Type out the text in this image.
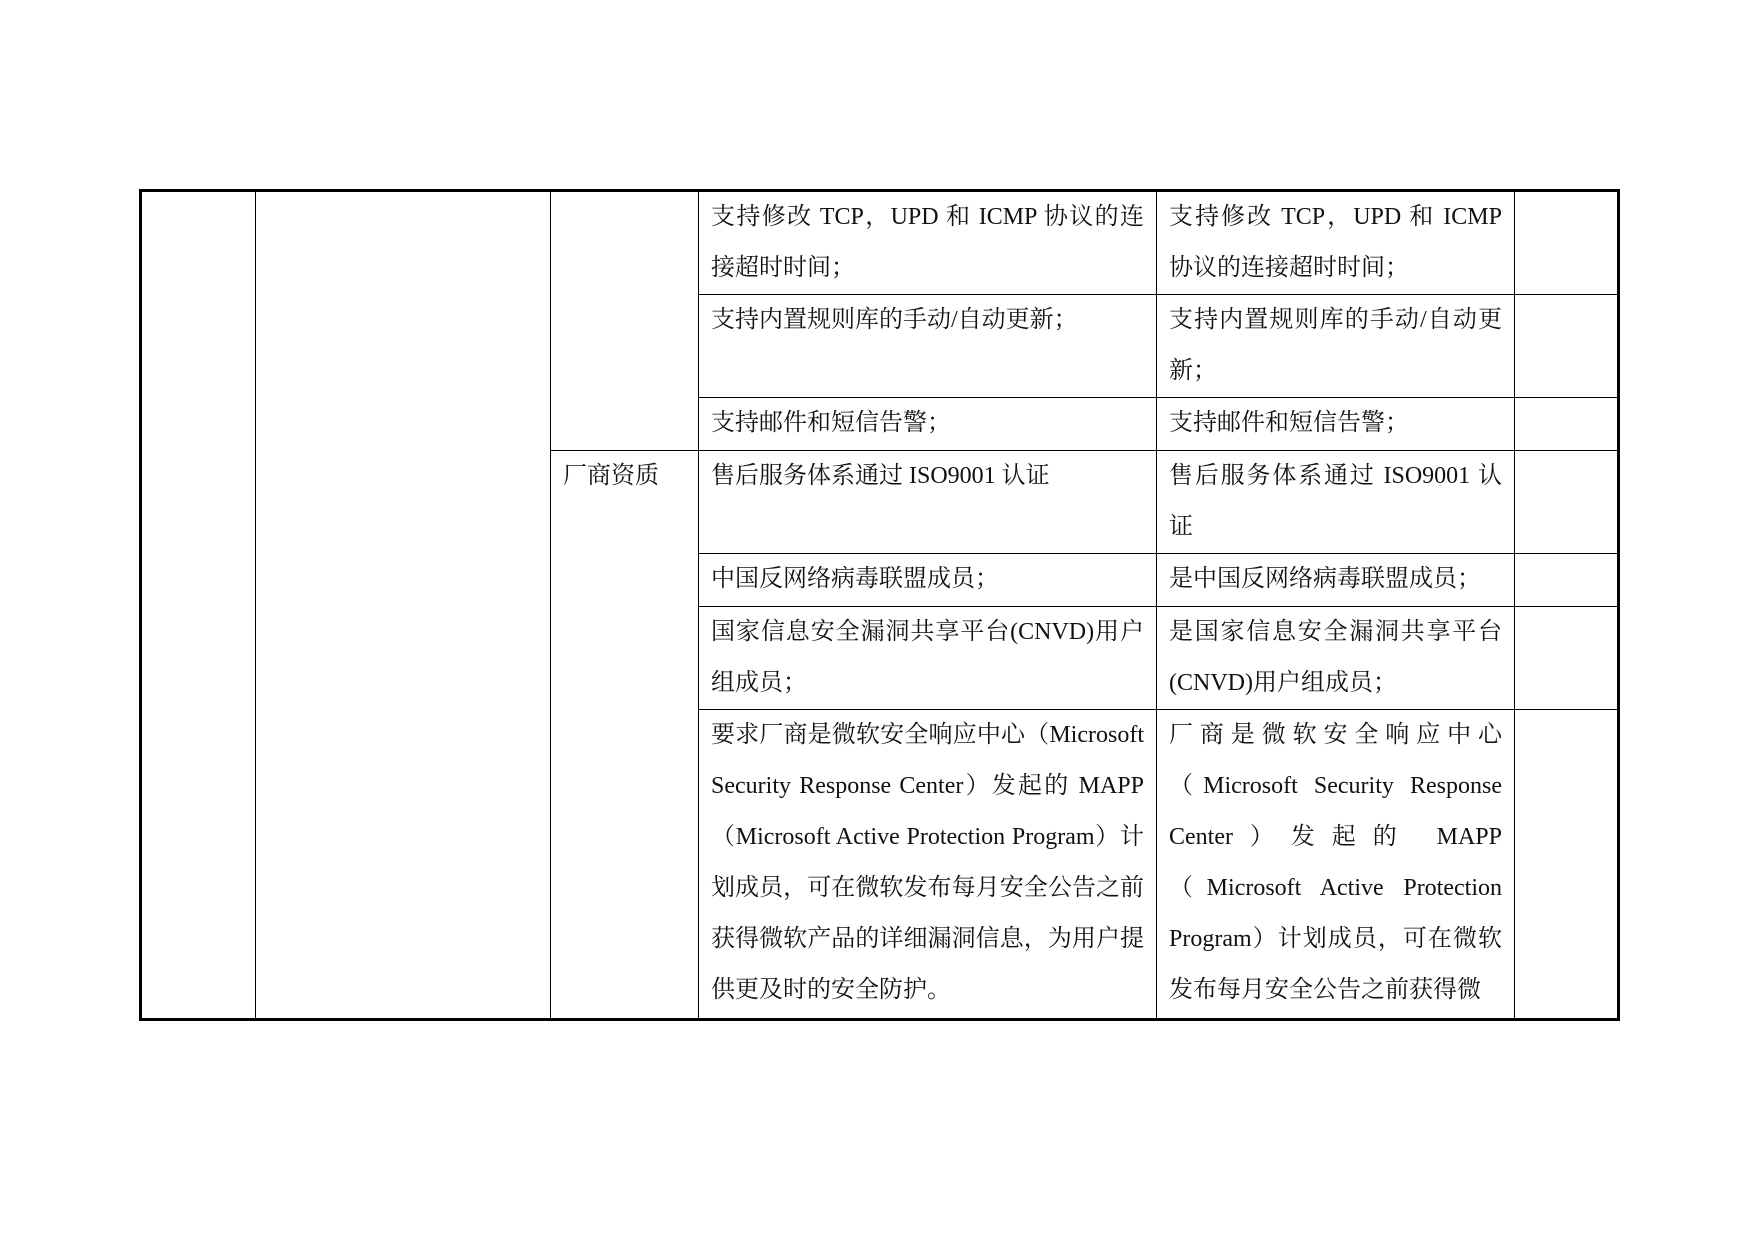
			支持修改 TCP，UPD 和 ICMP 协议的连接超时时间；	支持修改 TCP，UPD 和 ICMP 协议的连接超时时间；	

			支持内置规则库的手动/自动更新；	支持内置规则库的手动/自动更新；	

			支持邮件和短信告警；	支持邮件和短信告警；	

		厂商资质	售后服务体系通过 ISO9001 认证	售后服务体系通过 ISO9001 认证	

			中国反网络病毒联盟成员；	是中国反网络病毒联盟成员；	

			国家信息安全漏洞共享平台(CNVD)用户组成员；	是国家信息安全漏洞共享平台(CNVD)用户组成员；	

			要求厂商是微软安全响应中心（Microsoft Security Response Center）发起的 MAPP（Microsoft Active Protection Program）计划成员，可在微软发布每月安全公告之前获得微软产品的详细漏洞信息，为用户提供更及时的安全防护。	厂商是微软安全响应中心（Microsoft Security Response Center）发起的 MAPP（Microsoft Active Protection Program）计划成员，可在微软发布每月安全公告之前获得微	
